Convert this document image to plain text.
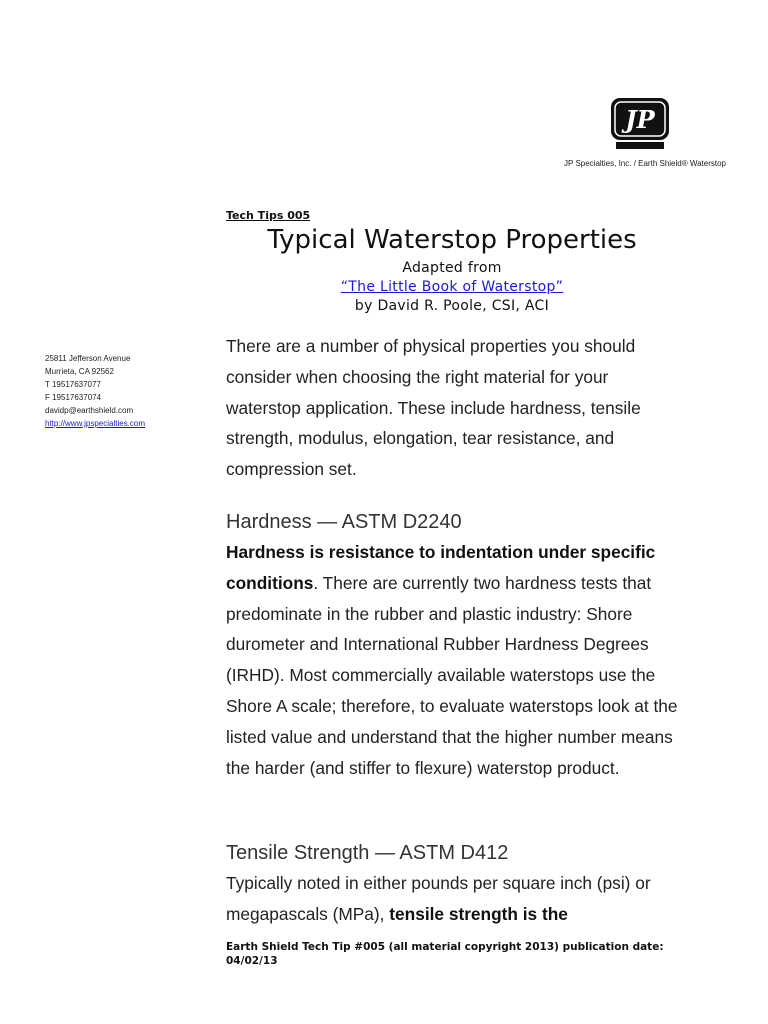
JP
JP Specialties, Inc. / Earth Shield® Waterstop
Tech Tips 005
Typical Waterstop Properties
Adapted from
“The Little Book of Waterstop”
by David R. Poole, CSI, ACI
25811 Jefferson Avenue
Murrieta, CA 92562
T 19517637077
F 19517637074
davidp@earthshield.com
http://www.jpspecialties.com
There are a number of physical properties you should consider when choosing the right material for your waterstop application. These include hardness, tensile strength, modulus, elongation, tear resistance, and compression set.
Hardness — ASTM D2240
Hardness is resistance to indentation under specific conditions. There are currently two hardness tests that predominate in the rubber and plastic industry: Shore durometer and International Rubber Hardness Degrees (IRHD). Most commercially available waterstops use the Shore A scale; therefore, to evaluate waterstops look at the listed value and understand that the higher number means the harder (and stiffer to flexure) waterstop product.
Tensile Strength — ASTM D412
Typically noted in either pounds per square inch (psi) or megapascals (MPa), tensile strength is the
Earth Shield Tech Tip #005 (all material copyright 2013) publication date: 04/02/13
